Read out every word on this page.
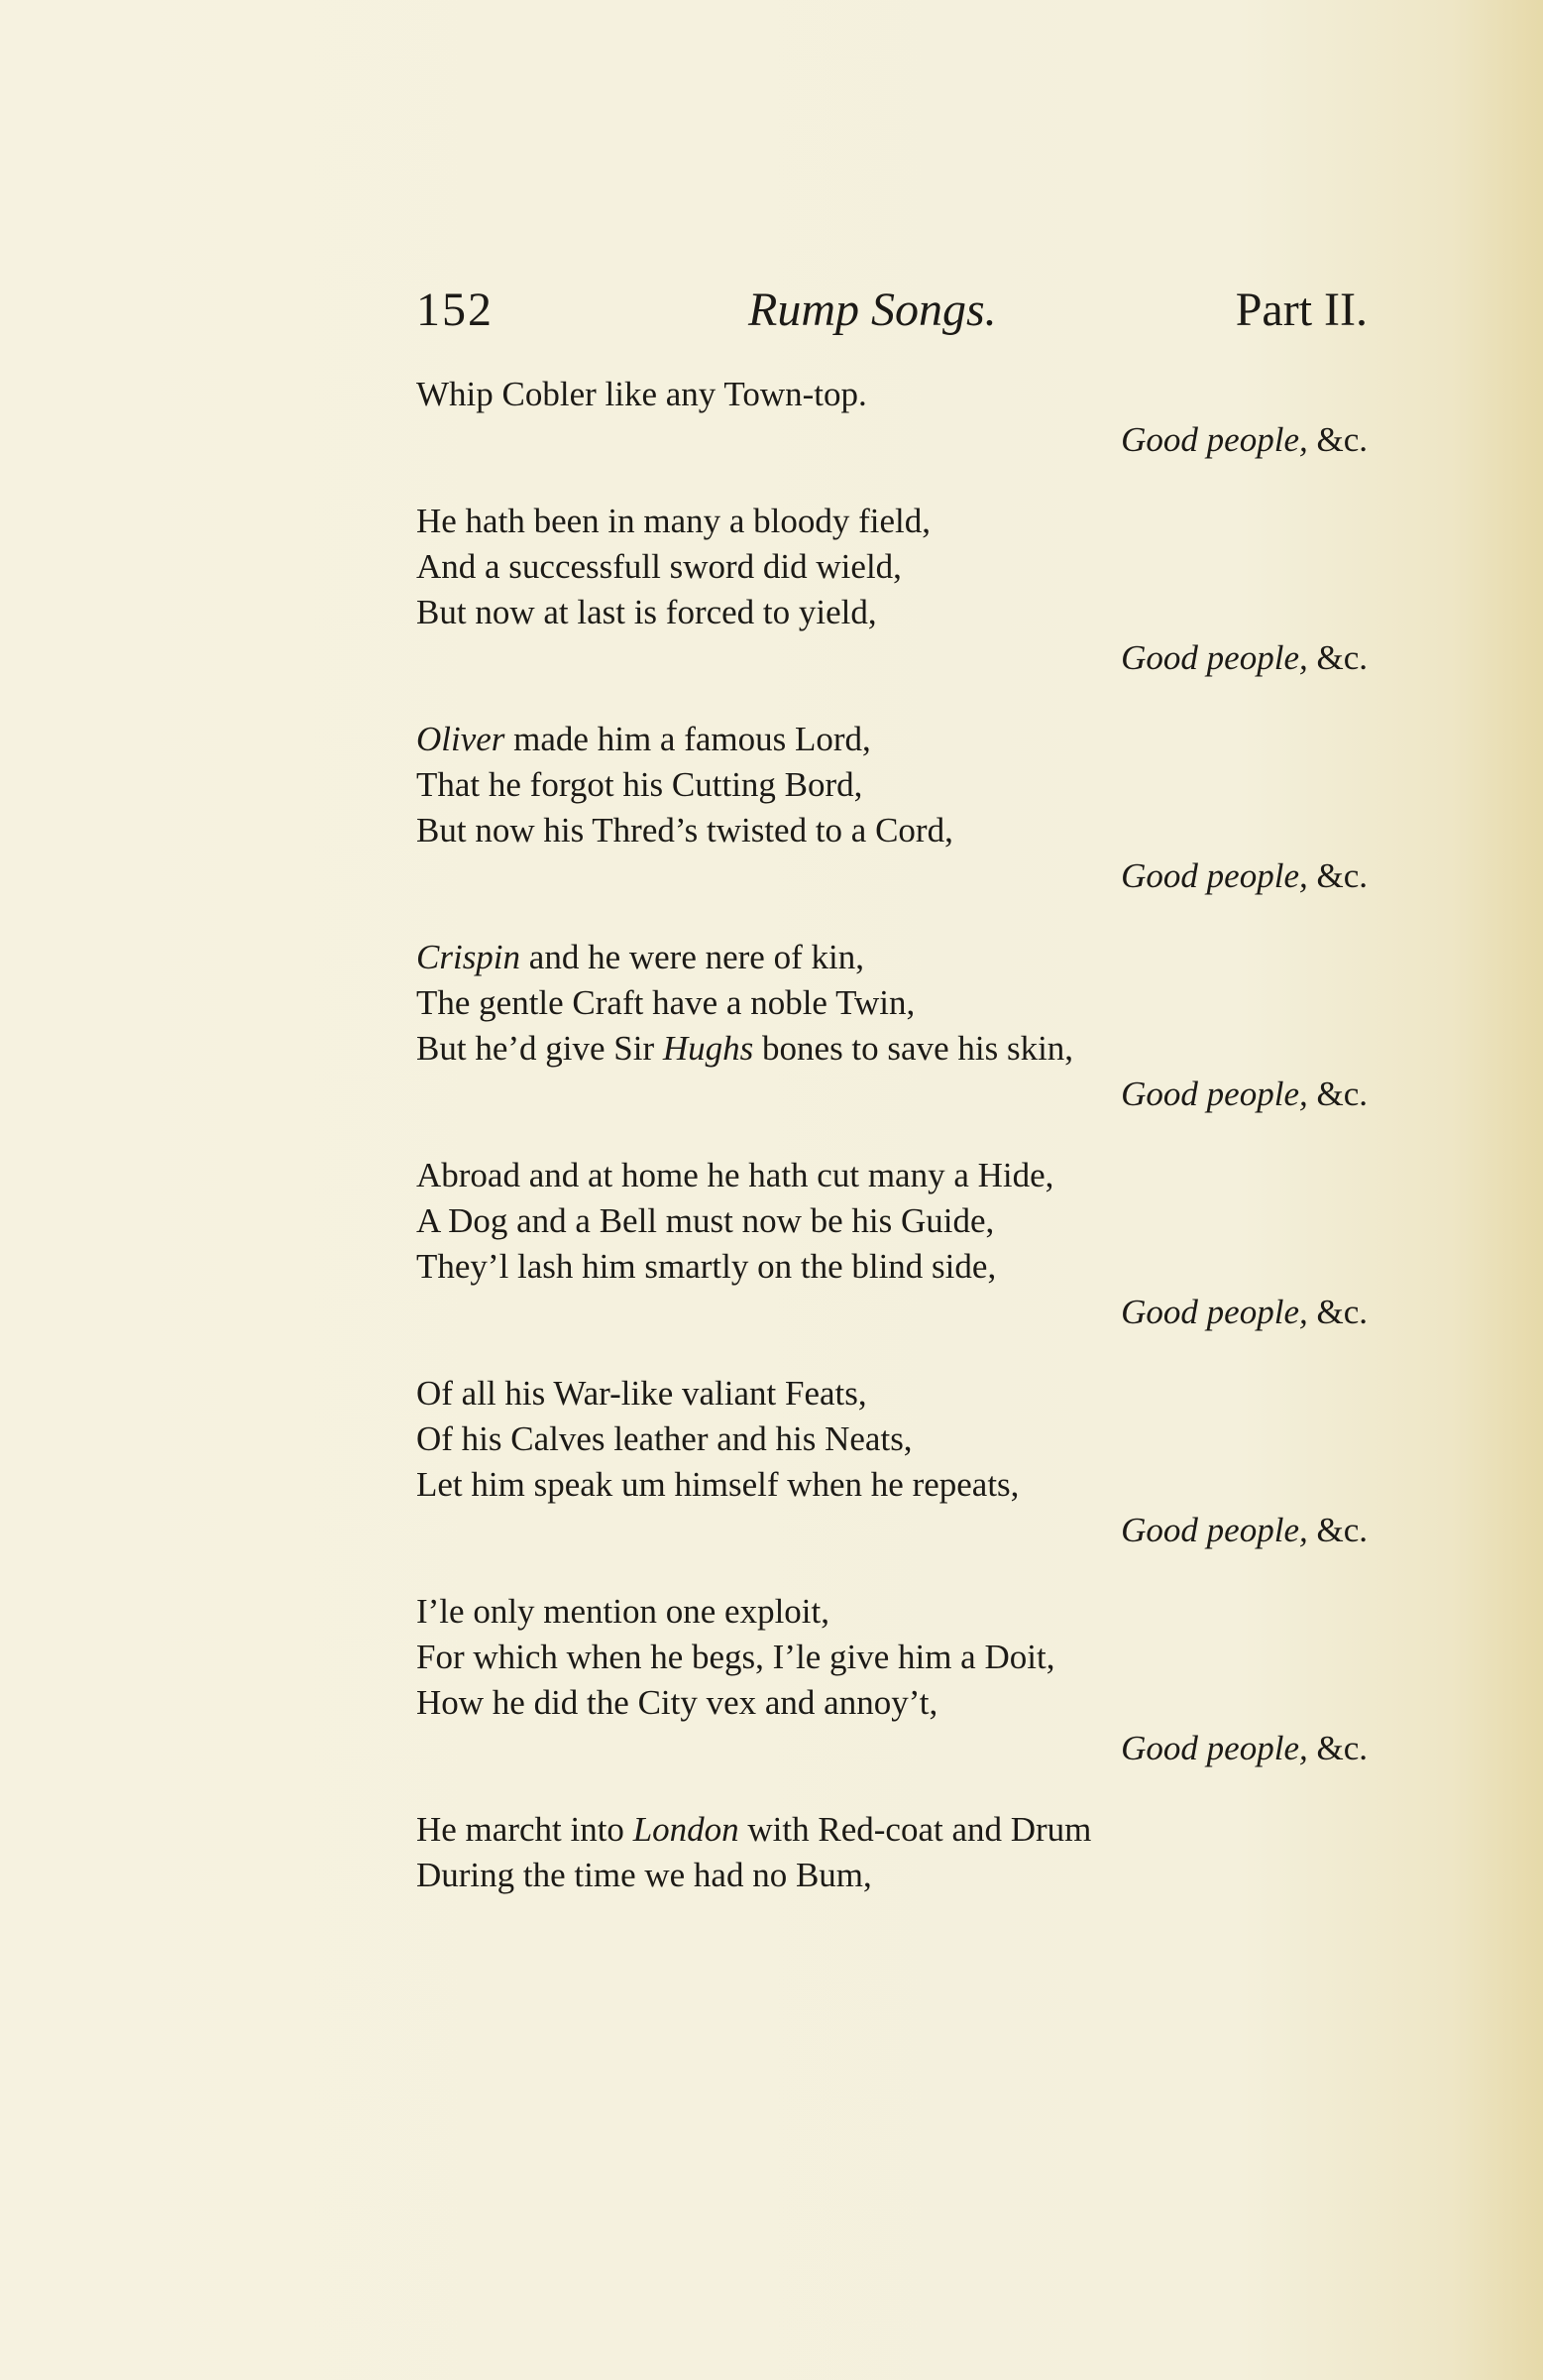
152	Rump Songs.	Part II.
Whip Cobler like any Town-top.
Good people, &c.
He hath been in many a bloody field,
And a successfull sword did wield,
But now at last is forced to yield,
Good people, &c.
Oliver made him a famous Lord,
That he forgot his Cutting Bord,
But now his Thred’s twisted to a Cord,
Good people, &c.
Crispin and he were nere of kin,
The gentle Craft have a noble Twin,
But he’d give Sir Hughs bones to save his skin,
Good people, &c.
Abroad and at home he hath cut many a Hide,
A Dog and a Bell must now be his Guide,
They’l lash him smartly on the blind side,
Good people, &c.
Of all his War-like valiant Feats,
Of his Calves leather and his Neats,
Let him speak um himself when he repeats,
Good people, &c.
I’le only mention one exploit,
For which when he begs, I’le give him a Doit,
How he did the City vex and annoy’t,
Good people, &c.
He marcht into London with Red-coat and Drum
During the time we had no Bum,
